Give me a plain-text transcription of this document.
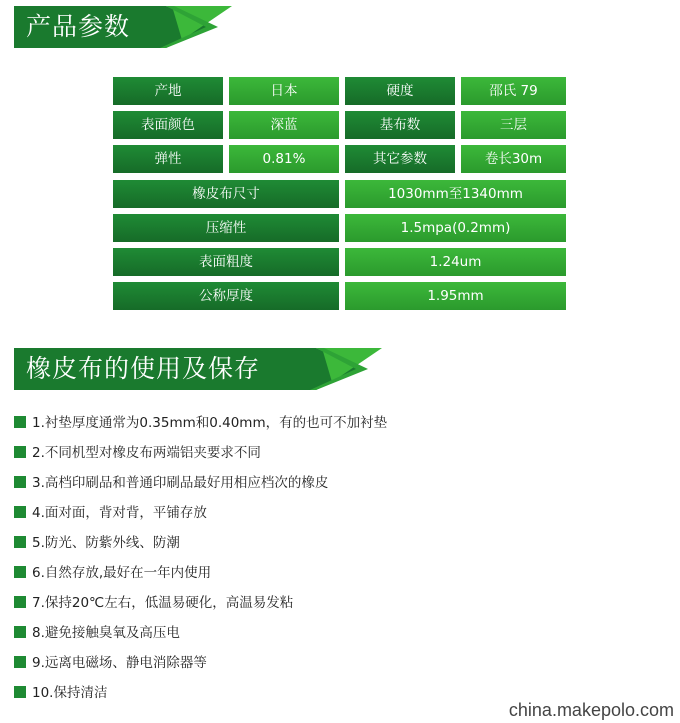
产品参数
产地	日本	硬度	邵氏 79
表面颜色	深蓝	基布数	三层
弹性	0.81%	其它参数	卷长30m
橡皮布尺寸	1030mm至1340mm
压缩性	1.5mpa(0.2mm)
表面粗度	1.24um
公称厚度	1.95mm
橡皮布的使用及保存
1.衬垫厚度通常为0.35mm和0.40mm，有的也可不加衬垫
2.不同机型对橡皮布两端铝夹要求不同
3.高档印刷品和普通印刷品最好用相应档次的橡皮
4.面对面，背对背，平铺存放
5.防光、防紫外线、防潮
6.自然存放,最好在一年内使用
7.保持20℃左右，低温易硬化，高温易发粘
8.避免接触臭氧及高压电
9.远离电磁场、静电消除器等
10.保持清洁
china.makepolo.com
